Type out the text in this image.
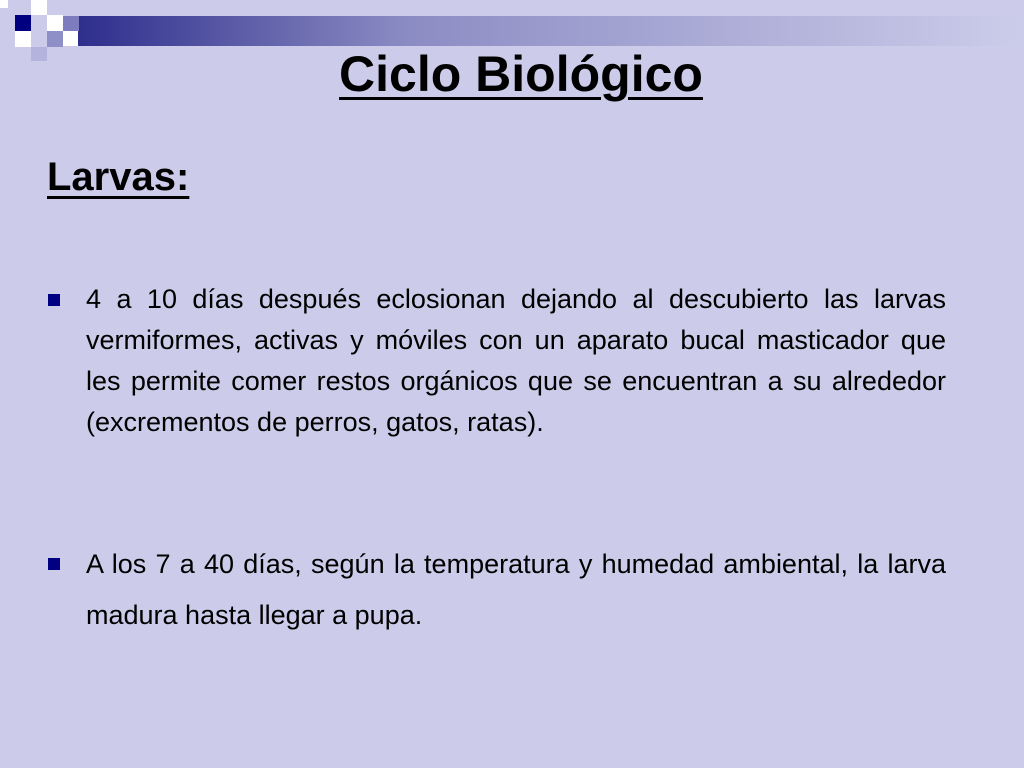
Ciclo Biológico
Larvas:
4 a 10 días después eclosionan dejando al descubierto las larvas vermiformes, activas y móviles con un aparato bucal masticador que les permite comer restos orgánicos que se encuentran a su alrededor (excrementos de perros, gatos, ratas).
A los 7 a 40 días, según la temperatura y humedad ambiental, la larva madura hasta llegar a pupa.
